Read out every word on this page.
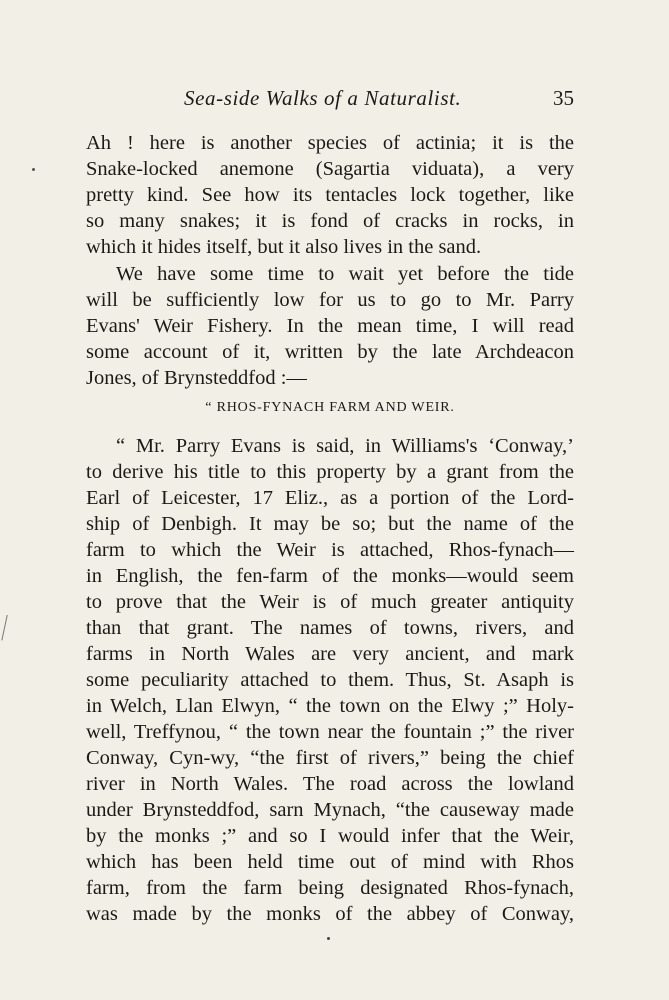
Sea-side Walks of a Naturalist.	35
Ah ! here is another species of actinia; it is the
Snake-locked anemone (Sagartia viduata), a very
pretty kind. See how its tentacles lock together, like
so many snakes; it is fond of cracks in rocks, in
which it hides itself, but it also lives in the sand.
We have some time to wait yet before the tide
will be sufficiently low for us to go to Mr. Parry
Evans' Weir Fishery. In the mean time, I will read
some account of it, written by the late Archdeacon
Jones, of Brynsteddfod :—
“ RHOS-FYNACH FARM AND WEIR.
“ Mr. Parry Evans is said, in Williams's ‘Conway,’
to derive his title to this property by a grant from the
Earl of Leicester, 17 Eliz., as a portion of the Lord-
ship of Denbigh. It may be so; but the name of the
farm to which the Weir is attached, Rhos-fynach—
in English, the fen-farm of the monks—would seem
to prove that the Weir is of much greater antiquity
than that grant. The names of towns, rivers, and
farms in North Wales are very ancient, and mark
some peculiarity attached to them. Thus, St. Asaph is
in Welch, Llan Elwyn, “ the town on the Elwy ;” Holy-
well, Treffynou, “ the town near the fountain ;” the river
Conway, Cyn-wy, “the first of rivers,” being the chief
river in North Wales. The road across the lowland
under Brynsteddfod, sarn Mynach, “the causeway made
by the monks ;” and so I would infer that the Weir,
which has been held time out of mind with Rhos
farm, from the farm being designated Rhos-fynach,
was made by the monks of the abbey of Conway,
